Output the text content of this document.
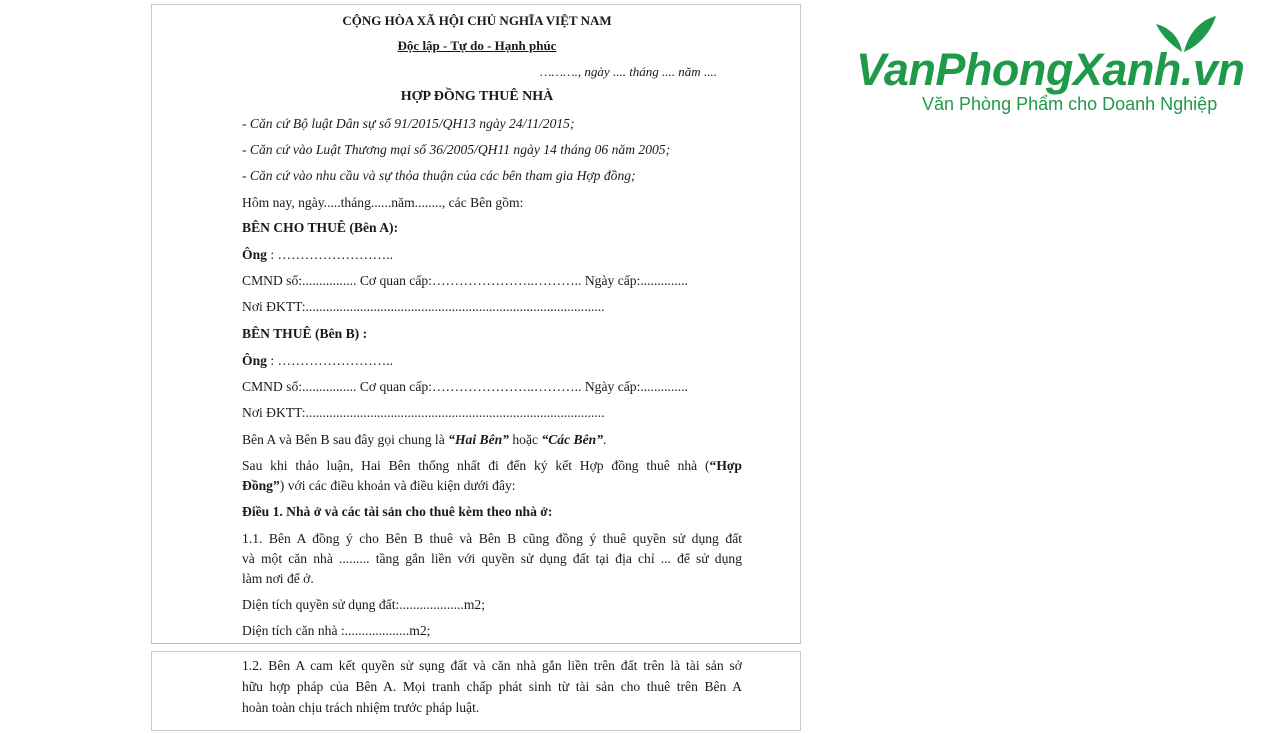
CỘNG HÒA XÃ HỘI CHỦ NGHĨA VIỆT NAM
Độc lập - Tự do - Hạnh phúc
………., ngày .... tháng .... năm ....
HỢP ĐỒNG THUÊ NHÀ
- Căn cứ Bộ luật Dân sự số 91/2015/QH13 ngày 24/11/2015;
- Căn cứ vào Luật Thương mại số 36/2005/QH11 ngày 14 tháng 06 năm 2005;
- Căn cứ vào nhu cầu và sự thỏa thuận của các bên tham gia Hợp đồng;
Hôm nay, ngày.....tháng......năm........, các Bên gồm:
BÊN CHO THUÊ (Bên A):
Ông : ……………………..
CMND số:................ Cơ quan cấp:…………………..……….. Ngày cấp:..............
Nơi ĐKTT:........................................................................................
BÊN THUÊ (Bên B) :
Ông : ……………………..
CMND số:................ Cơ quan cấp:…………………..……….. Ngày cấp:..............
Nơi ĐKTT:........................................................................................
Bên A và Bên B sau đây gọi chung là “Hai Bên” hoặc “Các Bên”.
Sau khi thảo luận, Hai Bên thống nhất đi đến ký kết Hợp đồng thuê nhà (“Hợp
Đồng”) với các điều khoản và điều kiện dưới đây:
Điều 1. Nhà ở và các tài sản cho thuê kèm theo nhà ở:
1.1. Bên A đồng ý cho Bên B thuê và Bên B cũng đồng ý thuê quyền sử dụng đất
và một căn nhà ......... tầng gắn liền với quyền sử dụng đất tại địa chỉ ... để sử dụng
làm nơi để ở.
Diện tích quyền sử dụng đất:...................m2;
Diện tích căn nhà :...................m2;
1.2. Bên A cam kết quyền sử sụng đất và căn nhà gắn liền trên đất trên là tài sản sở
hữu hợp pháp của Bên A. Mọi tranh chấp phát sinh từ tài sản cho thuê trên Bên A
hoàn toàn chịu trách nhiệm trước pháp luật.
VanPhongXanh.vn
Văn Phòng Phẩm cho Doanh Nghiệp
